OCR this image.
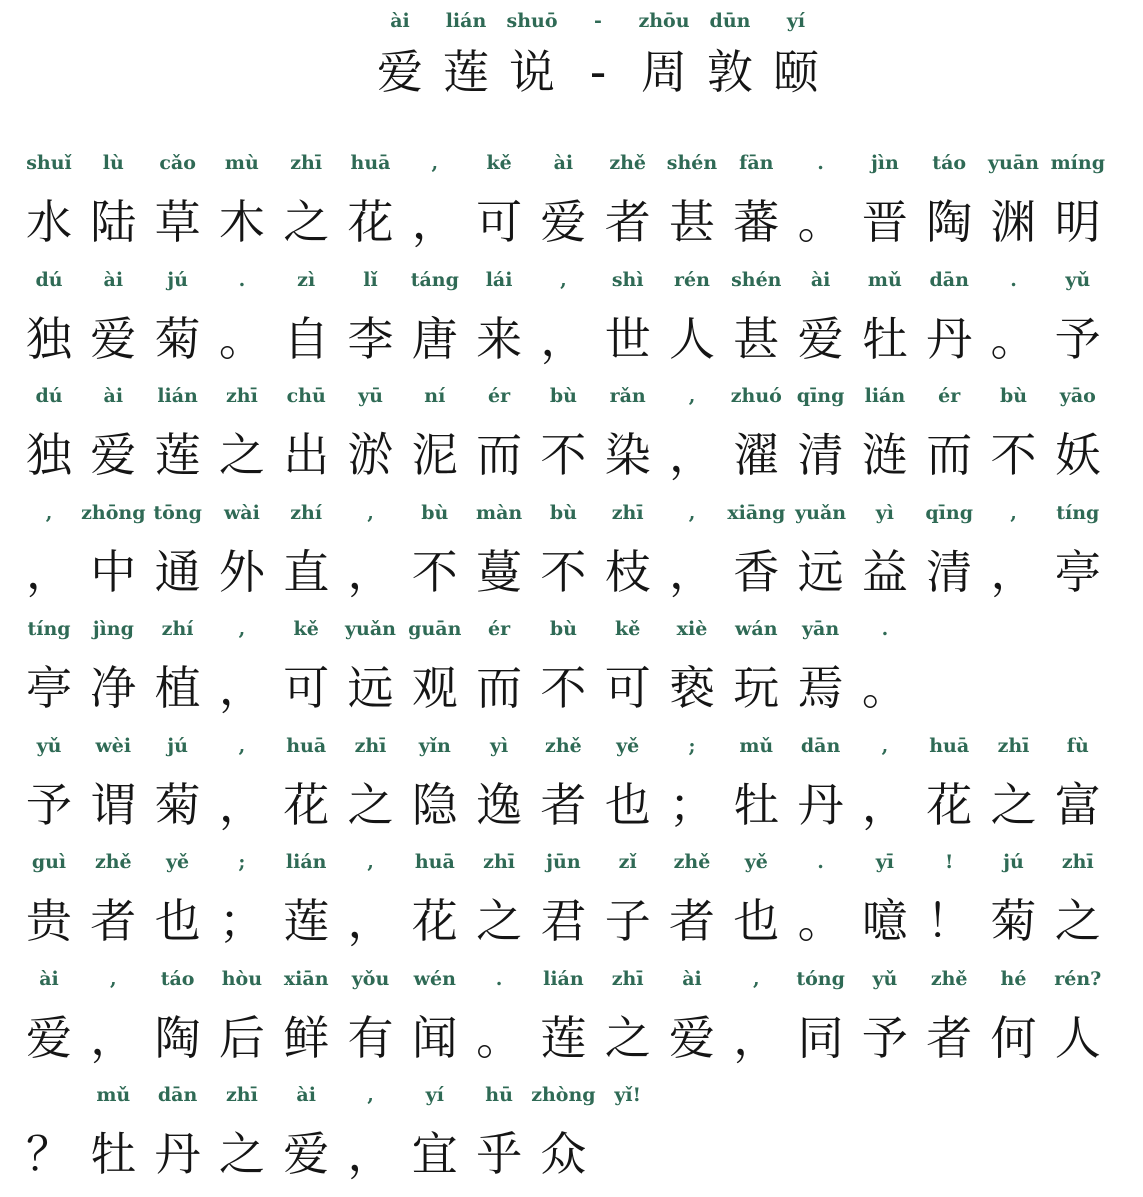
ài
爱
lián
莲
shuō
说
-
-
zhōu
周
dūn
敦
yí
颐
shuǐ
水
lù
陆
cǎo
草
mù
木
zhī
之
huā
花
,
，
kě
可
ài
爱
zhě
者
shén
甚
fān
蕃
.
。
jìn
晋
táo
陶
yuān
渊
míng
明
dú
独
ài
爱
jú
菊
.
。
zì
自
lǐ
李
táng
唐
lái
来
,
，
shì
世
rén
人
shén
甚
ài
爱
mǔ
牡
dān
丹
.
。
yǔ
予
dú
独
ài
爱
lián
莲
zhī
之
chū
出
yū
淤
ní
泥
ér
而
bù
不
rǎn
染
,
，
zhuó
濯
qīng
清
lián
涟
ér
而
bù
不
yāo
妖
,
，
zhōng
中
tōng
通
wài
外
zhí
直
,
，
bù
不
màn
蔓
bù
不
zhī
枝
,
，
xiāng
香
yuǎn
远
yì
益
qīng
清
,
，
tíng
亭
tíng
亭
jìng
净
zhí
植
,
，
kě
可
yuǎn
远
guān
观
ér
而
bù
不
kě
可
xiè
亵
wán
玩
yān
焉
.
。
yǔ
予
wèi
谓
jú
菊
,
，
huā
花
zhī
之
yǐn
隐
yì
逸
zhě
者
yě
也
;
；
mǔ
牡
dān
丹
,
，
huā
花
zhī
之
fù
富
guì
贵
zhě
者
yě
也
;
；
lián
莲
,
，
huā
花
zhī
之
jūn
君
zǐ
子
zhě
者
yě
也
.
。
yī
噫
!
！
jú
菊
zhī
之
ài
爱
,
，
táo
陶
hòu
后
xiān
鲜
yǒu
有
wén
闻
.
。
lián
莲
zhī
之
ài
爱
,
，
tóng
同
yǔ
予
zhě
者
hé
何
rén?
人
？
mǔ
牡
dān
丹
zhī
之
ài
爱
,
，
yí
宜
hū
乎
zhòng
众
yǐ!
